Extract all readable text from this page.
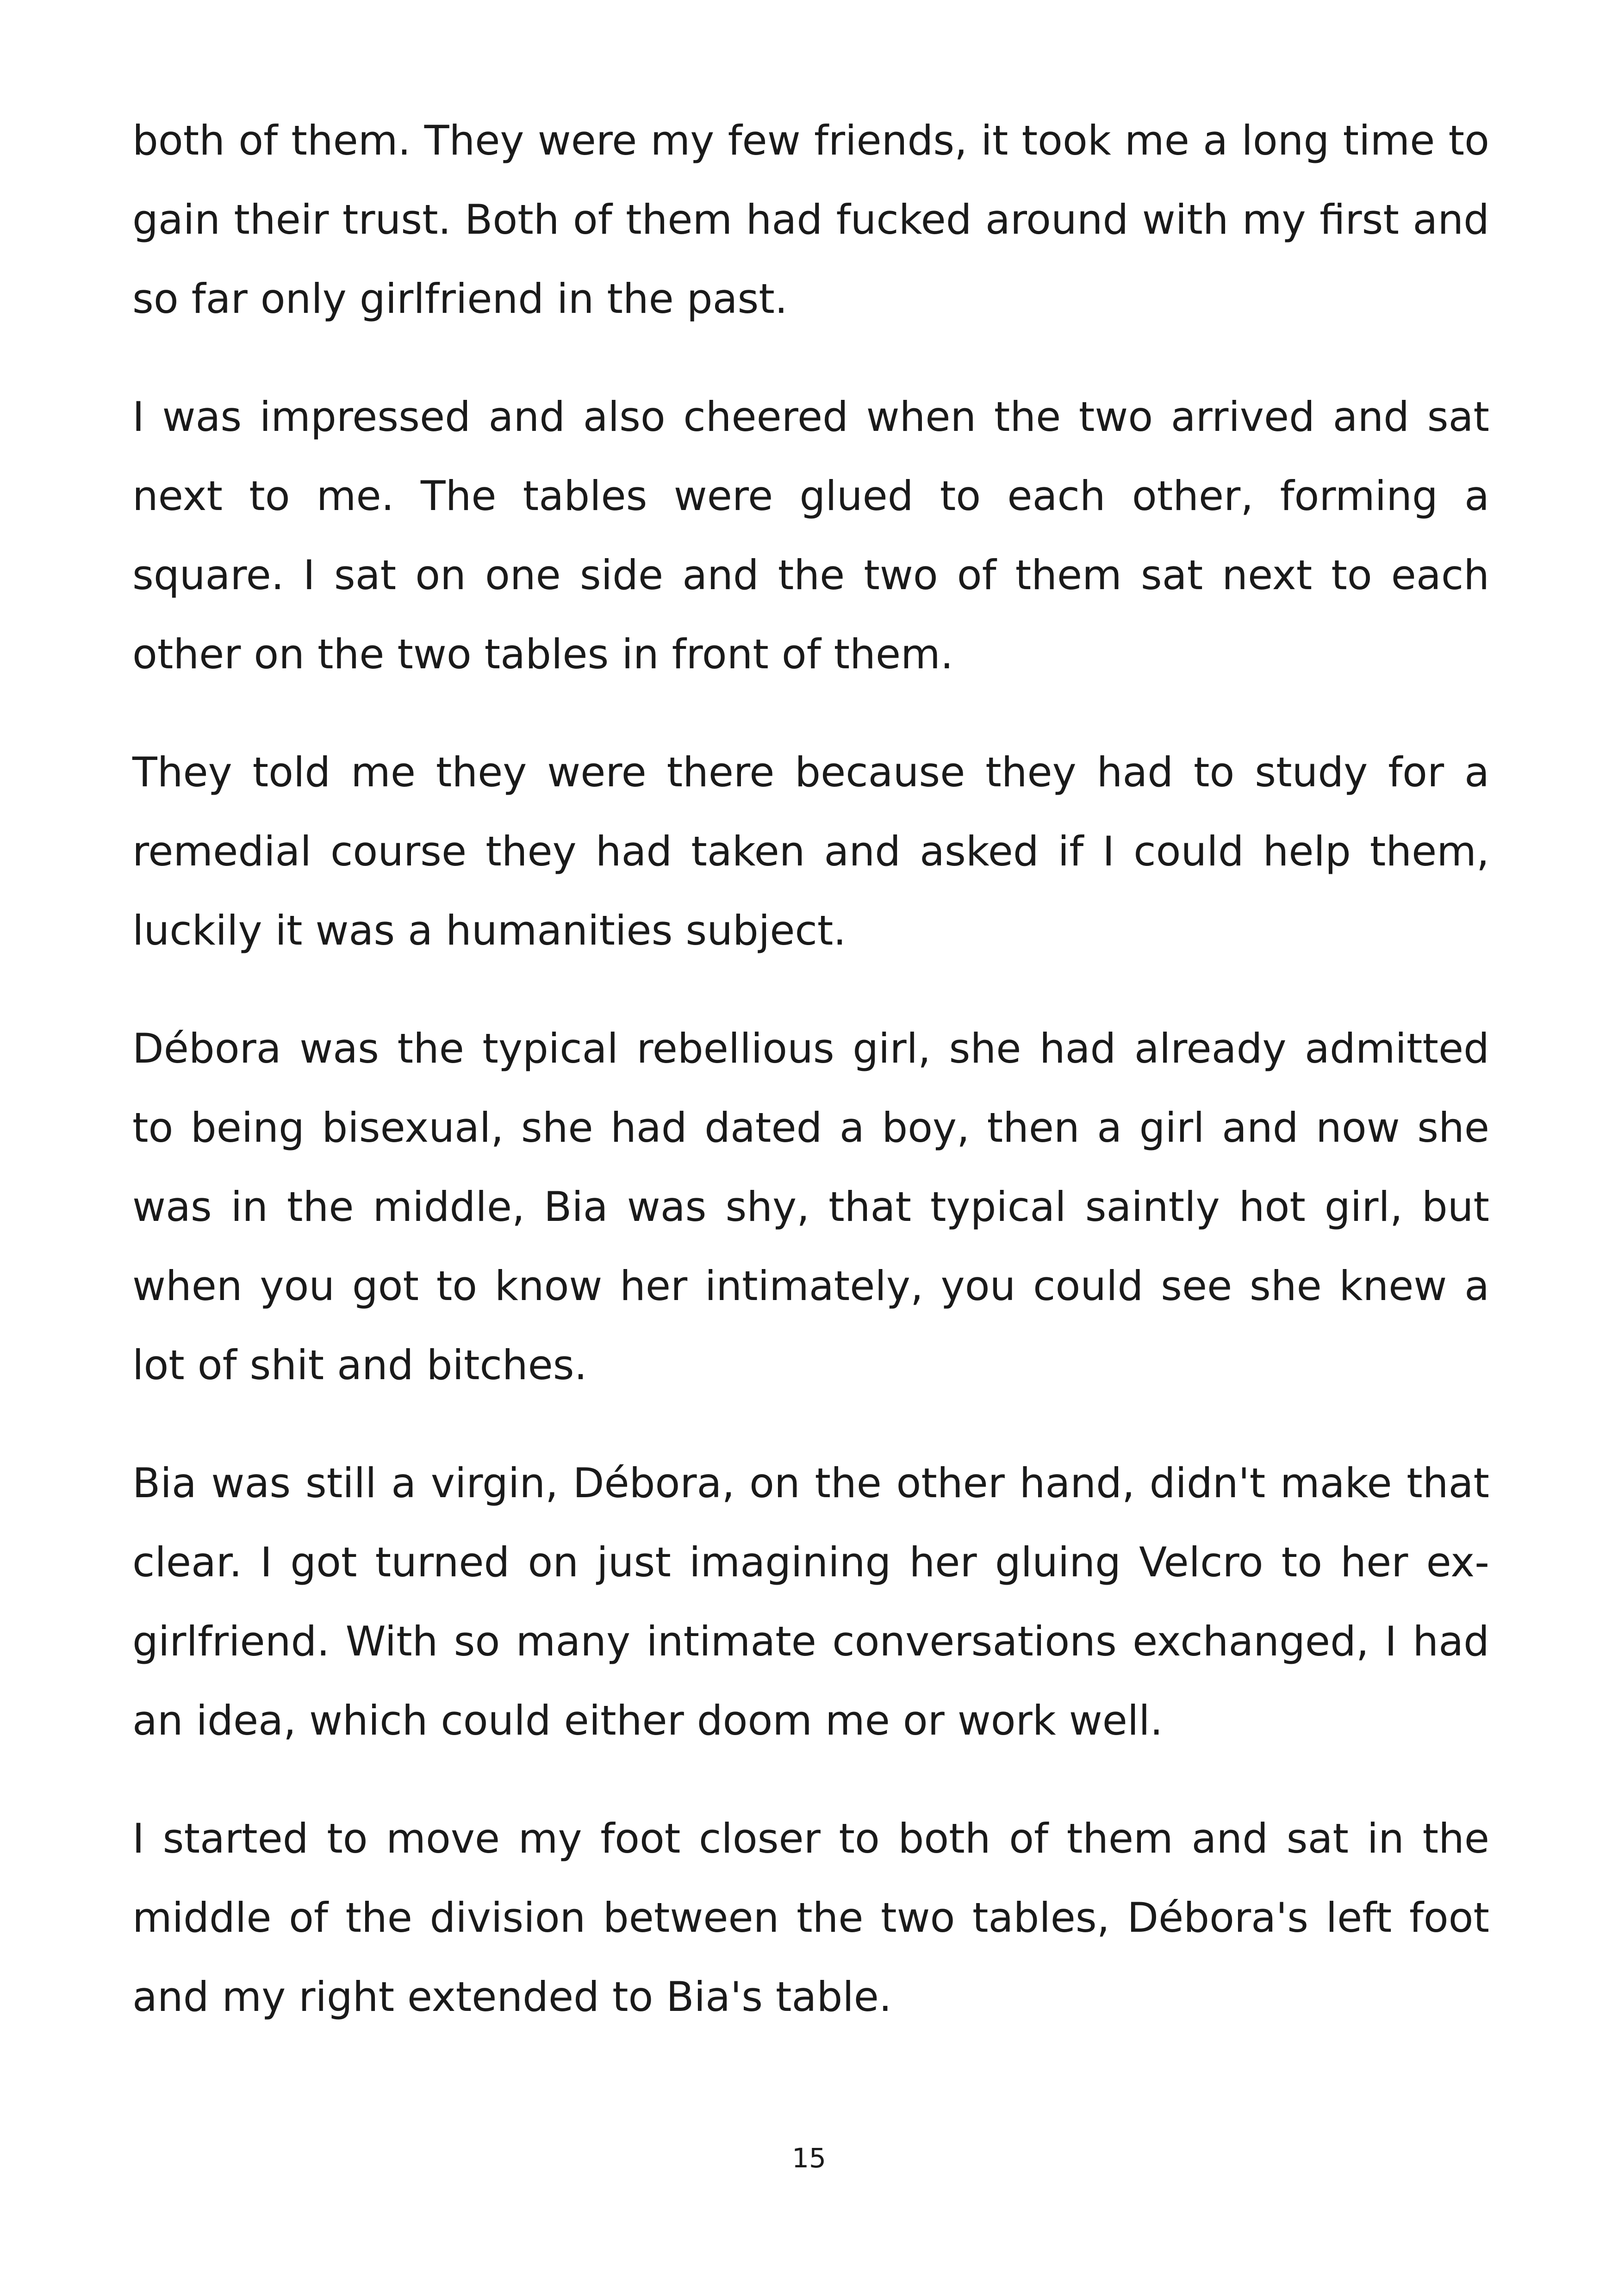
both of them. They were my few friends, it took me a long time to gain their trust. Both of them had fucked around with my first and so far only girlfriend in the past.

I was impressed and also cheered when the two arrived and sat next to me. The tables were glued to each other, forming a square. I sat on one side and the two of them sat next to each other on the two tables in front of them.

They told me they were there because they had to study for a remedial course they had taken and asked if I could help them, luckily it was a humanities subject.

Débora was the typical rebellious girl, she had already admitted to being bisexual, she had dated a boy, then a girl and now she was in the middle, Bia was shy, that typical saintly hot girl, but when you got to know her intimately, you could see she knew a lot of shit and bitches.

Bia was still a virgin, Débora, on the other hand, didn't make that clear. I got turned on just imagining her gluing Velcro to her ex-girlfriend. With so many intimate conversations exchanged, I had an idea, which could either doom me or work well.

I started to move my foot closer to both of them and sat in the middle of the division between the two tables, Débora's left foot and my right extended to Bia's table.

15
